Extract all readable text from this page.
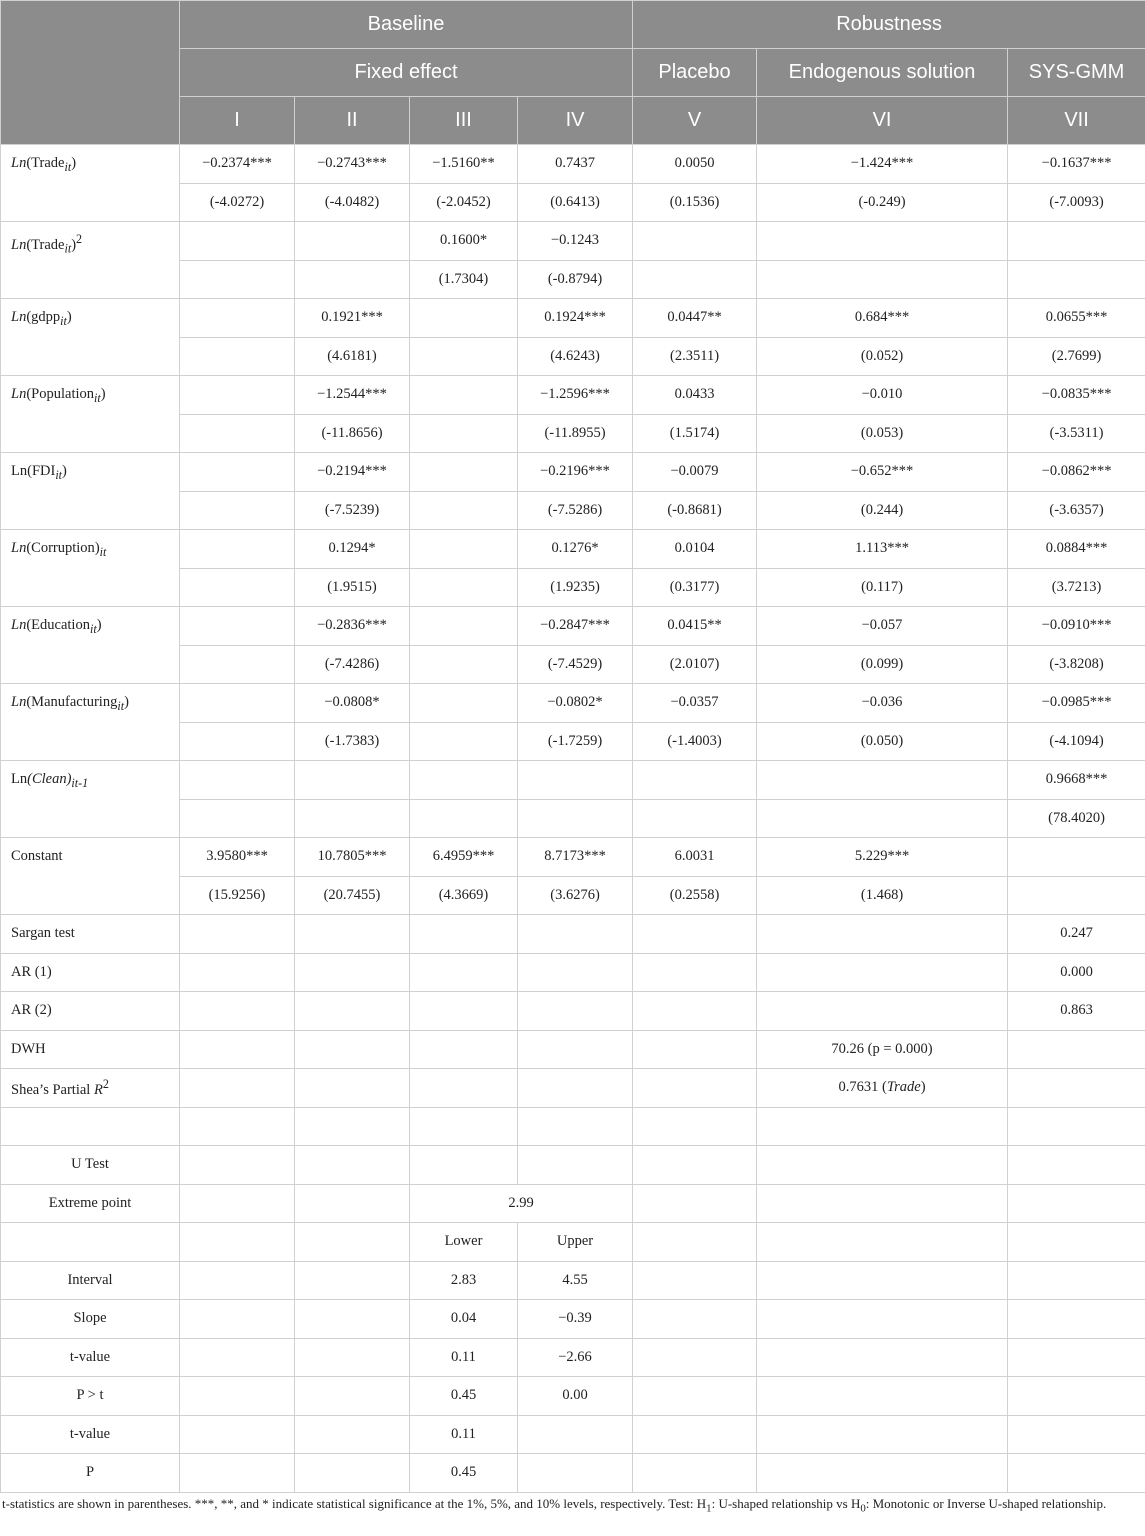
	Baseline				Robustness		
	Fixed effect				Placebo	Endogenous solution	SYS-GMM
	I	II	III	IV	V	VI	VII
Ln(Trade$_{it}$)	−0.2374***	−0.2743***	−1.5160**	0.7437	0.0050	−1.424***	−0.1637***
	(-4.0272)	(-4.0482)	(-2.0452)	(0.6413)	(0.1536)	(-0.249)	(-7.0093)
Ln(Trade$_{it}$)$^2$			0.1600*	−0.1243			
			(1.7304)	(-0.8794)			
Ln(gdpp$_{it}$)		0.1921***		0.1924***	0.0447**	0.684***	0.0655***
		(4.6181)		(4.6243)	(2.3511)	(0.052)	(2.7699)
Ln(Population$_{it}$)		−1.2544***		−1.2596***	0.0433	−0.010	−0.0835***
		(-11.8656)		(-11.8955)	(1.5174)	(0.053)	(-3.5311)
$Ln(FDI_{it})$		−0.2194***		−0.2196***	−0.0079	−0.652***	−0.0862***
		(-7.5239)		(-7.5286)	(-0.8681)	(0.244)	(-3.6357)
$Ln(Corruption)_{it}$		0.1294*		0.1276*	0.0104	1.113***	0.0884***
		(1.9515)		(1.9235)	(0.3177)	(0.117)	(3.7213)
Ln(Education$_{it}$)		−0.2836***		−0.2847***	0.0415**	−0.057	−0.0910***
		(-7.4286)		(-7.4529)	(2.0107)	(0.099)	(-3.8208)
Ln(Manufacturing$_{it}$)		−0.0808*		−0.0802*	−0.0357	−0.036	−0.0985***
		(-1.7383)		(-1.7259)	(-1.4003)	(0.050)	(-4.1094)
$Ln(Clean)_{it-1}$							0.9668***
							(78.4020)
Constant	3.9580***	10.7805***	6.4959***	8.7173***	6.0031	5.229***	
	(15.9256)	(20.7455)	(4.3669)	(3.6276)	(0.2558)	(1.468)	
Sargan test							0.247
AR (1)							0.000
AR (2)							0.863
DWH						70.26 (p = 0.000)	
Shea’s Partial $R^2$						0.7631 (Trade)	

U Test							
Extreme point			2.99				
			Lower	Upper			
Interval			2.83	4.55			
Slope			0.04	−0.39			
t-value			0.11	−2.66			
P > t			0.45	0.00			
t-value			0.11				
P			0.45				
t-statistics are shown in parentheses. ***, **, and * indicate statistical significance at the 1%, 5%, and 10% levels, respectively. Test: $H_1$: U-shaped relationship vs $H_0$: Monotonic or Inverse U-shaped relationship.
